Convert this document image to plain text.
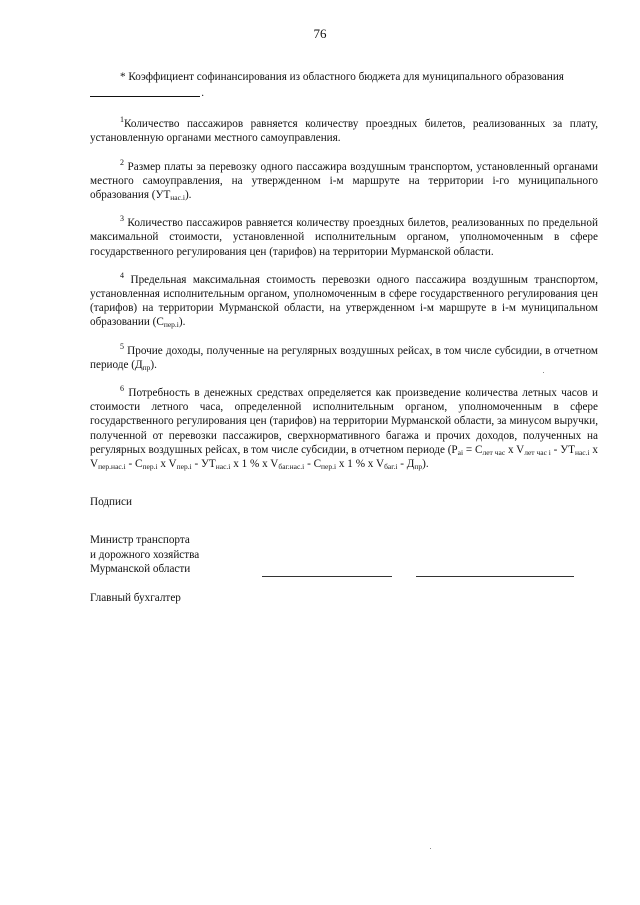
76

* Коэффициент софинансирования из областного бюджета для муниципального образования

.

$^1$Количество пассажиров равняется количеству проездных билетов, реализованных за плату, установленную органами местного самоуправления.

$^2$ Размер платы за перевозку одного пассажира воздушным транспортом, установленный органами местного самоуправления, на утвержденном i-м маршруте на территории i-го муниципального образования $(УТ_{нас.i})$.

$^3$ Количество пассажиров равняется количеству проездных билетов, реализованных по предельной максимальной стоимости, установленной исполнительным органом, уполномоченным в сфере государственного регулирования цен (тарифов) на территории Мурманской области.

$^4$ Предельная максимальная стоимость перевозки одного пассажира воздушным транспортом, установленная исполнительным органом, уполномоченным в сфере государственного регулирования цен (тарифов) на территории Мурманской области, на утвержденном i-м маршруте в i-м муниципальном образовании $(С_{пер.i})$.

$^5$ Прочие доходы, полученные на регулярных воздушных рейсах, в том числе субсидии, в отчетном периоде $(Д_{пр})$.

$^6$ Потребность в денежных средствах определяется как произведение количества летных часов и стоимости летного часа, определенной исполнительным органом, уполномоченным в сфере государственного регулирования цен (тарифов) на территории Мурманской области, за минусом выручки, полученной от перевозки пассажиров, сверхнормативного багажа и прочих доходов, полученных на регулярных воздушных рейсах, в том числе субсидии, в отчетном периоде ($Р_{ai} = С_{лет час}$ x $V_{лет час i} - УТ_{нас.i}$ x $V_{пер.нас.i} - С_{пер.i}$ x $V_{пер.i} - УТ_{нас.i}$ x 1 % x $V_{баг.нас.i} - С_{пер.i}$ x 1 % x $V_{баг.i} - Д_{пр}$).

Подписи
Министр транспорта
и дорожного хозяйства
Мурманской области
Главный бухгалтер
